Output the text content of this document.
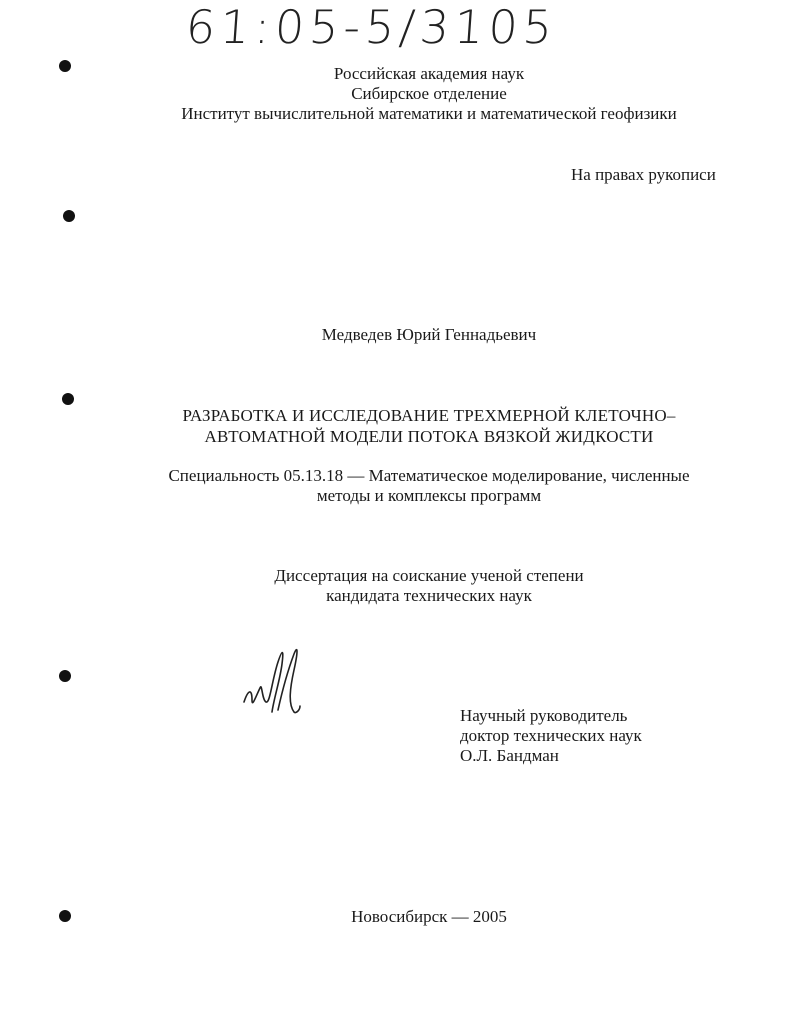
61:05-5/3105
Российская академия наук
Сибирское отделение
Институт вычислительной математики и математической геофизики
На правах рукописи
Медведев Юрий Геннадьевич
РАЗРАБОТКА И ИССЛЕДОВАНИЕ ТРЕХМЕРНОЙ КЛЕТОЧНО–
АВТОМАТНОЙ МОДЕЛИ ПОТОКА ВЯЗКОЙ ЖИДКОСТИ
Специальность 05.13.18 — Математическое моделирование, численные
методы и комплексы программ
Диссертация на соискание ученой степени
кандидата технических наук
Научный руководитель
доктор технических наук
О.Л. Бандман
Новосибирск — 2005
